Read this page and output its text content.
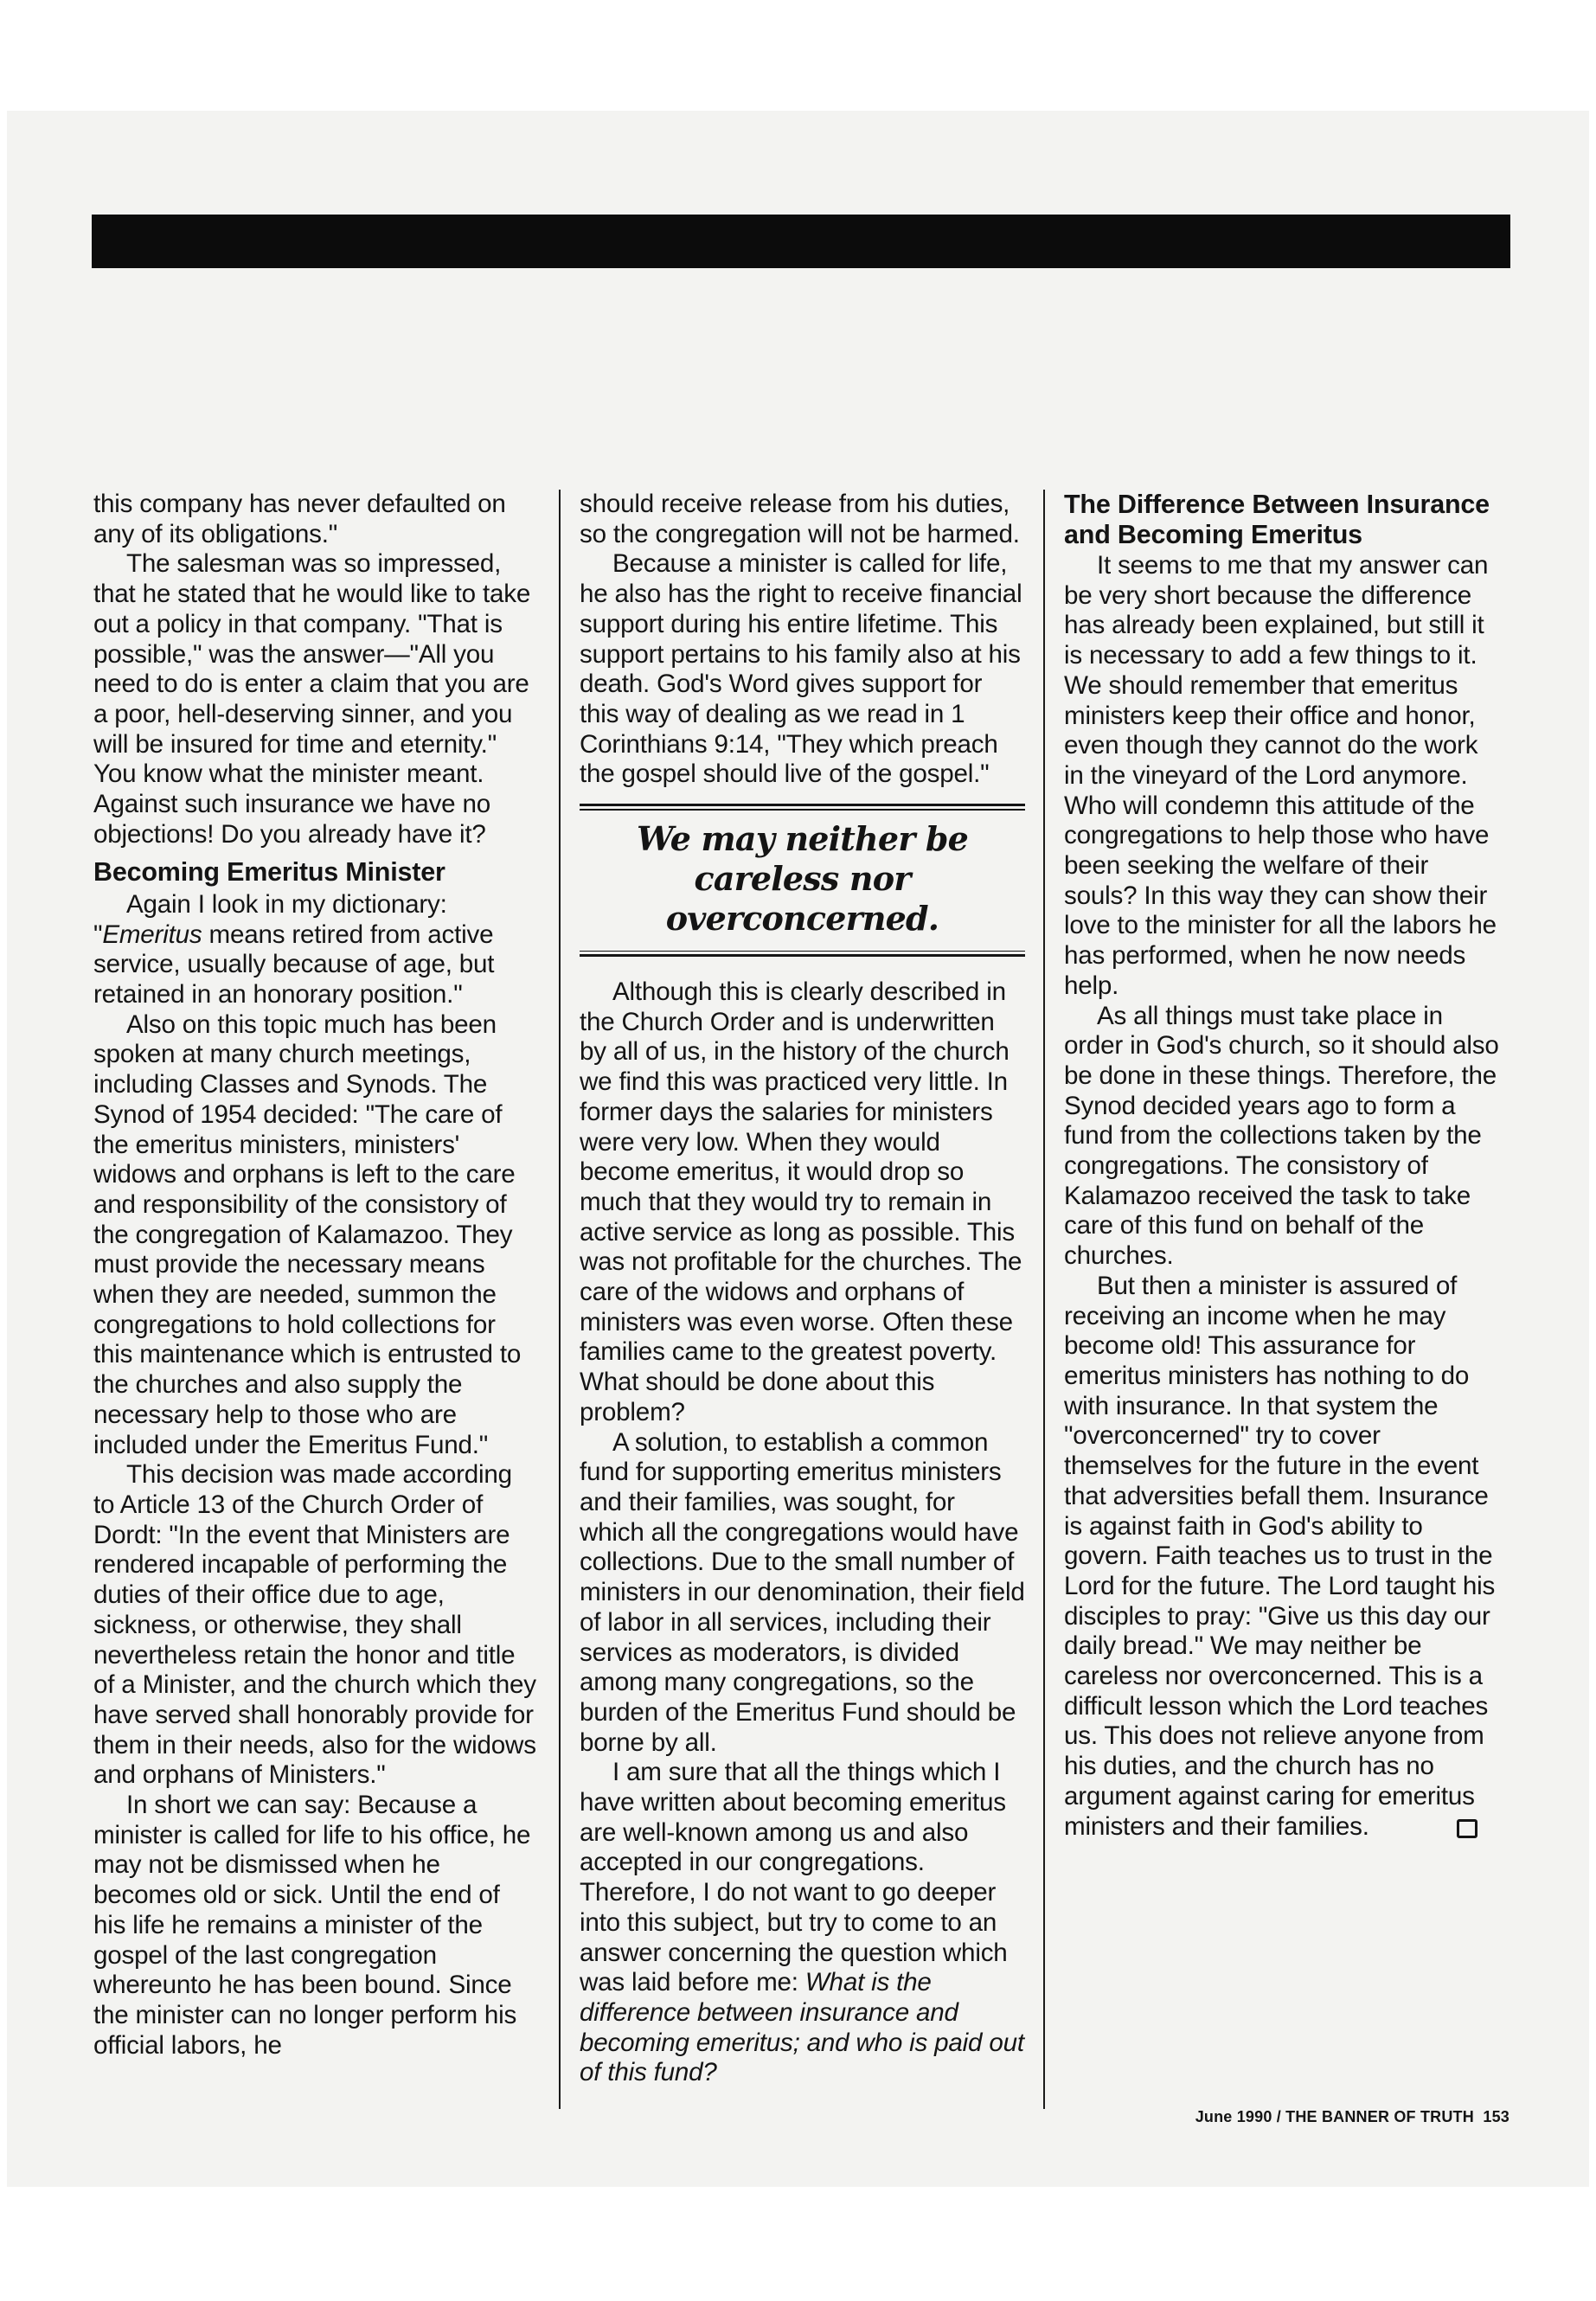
this company has never defaulted on any of its obligations."

The salesman was so impressed, that he stated that he would like to take out a policy in that company. "That is possible," was the answer—"All you need to do is enter a claim that you are a poor, hell-deserving sinner, and you will be insured for time and eternity." You know what the minister meant. Against such insurance we have no objections! Do you already have it?

Becoming Emeritus Minister

Again I look in my dictionary: "Emeritus means retired from active service, usually because of age, but retained in an honorary position."

Also on this topic much has been spoken at many church meetings, including Classes and Synods. The Synod of 1954 decided: "The care of the emeritus ministers, ministers' widows and orphans is left to the care and responsibility of the consistory of the congregation of Kalamazoo. They must provide the necessary means when they are needed, summon the congregations to hold collections for this maintenance which is entrusted to the churches and also supply the necessary help to those who are included under the Emeritus Fund."

This decision was made according to Article 13 of the Church Order of Dordt: "In the event that Ministers are rendered incapable of performing the duties of their office due to age, sickness, or otherwise, they shall nevertheless retain the honor and title of a Minister, and the church which they have served shall honorably provide for them in their needs, also for the widows and orphans of Ministers."

In short we can say: Because a minister is called for life to his office, he may not be dismissed when he becomes old or sick. Until the end of his life he remains a minister of the gospel of the last congregation whereunto he has been bound. Since the minister can no longer perform his official labors, he

should receive release from his duties, so the congregation will not be harmed.

Because a minister is called for life, he also has the right to receive financial support during his entire lifetime. This support pertains to his family also at his death. God's Word gives support for this way of dealing as we read in 1 Corinthians 9:14, "They which preach the gospel should live of the gospel."

We may neither be careless nor overconcerned.

Although this is clearly described in the Church Order and is underwritten by all of us, in the history of the church we find this was practiced very little. In former days the salaries for ministers were very low. When they would become emeritus, it would drop so much that they would try to remain in active service as long as possible. This was not profitable for the churches. The care of the widows and orphans of ministers was even worse. Often these families came to the greatest poverty. What should be done about this problem?

A solution, to establish a common fund for supporting emeritus ministers and their families, was sought, for which all the congregations would have collections. Due to the small number of ministers in our denomination, their field of labor in all services, including their services as moderators, is divided among many congregations, so the burden of the Emeritus Fund should be borne by all.

I am sure that all the things which I have written about becoming emeritus are well-known among us and also accepted in our congregations. Therefore, I do not want to go deeper into this subject, but try to come to an answer concerning the question which was laid before me: What is the difference between insurance and becoming emeritus; and who is paid out of this fund?

The Difference Between Insurance and Becoming Emeritus

It seems to me that my answer can be very short because the difference has already been explained, but still it is necessary to add a few things to it. We should remember that emeritus ministers keep their office and honor, even though they cannot do the work in the vineyard of the Lord anymore. Who will condemn this attitude of the congregations to help those who have been seeking the welfare of their souls? In this way they can show their love to the minister for all the labors he has performed, when he now needs help.

As all things must take place in order in God's church, so it should also be done in these things. Therefore, the Synod decided years ago to form a fund from the collections taken by the congregations. The consistory of Kalamazoo received the task to take care of this fund on behalf of the churches.

But then a minister is assured of receiving an income when he may become old! This assurance for emeritus ministers has nothing to do with insurance. In that system the "overconcerned" try to cover themselves for the future in the event that adversities befall them. Insurance is against faith in God's ability to govern. Faith teaches us to trust in the Lord for the future. The Lord taught his disciples to pray: "Give us this day our daily bread." We may neither be careless nor overconcerned. This is a difficult lesson which the Lord teaches us. This does not relieve anyone from his duties, and the church has no argument against caring for emeritus ministers and their families.

June 1990 / THE BANNER OF TRUTH 153
